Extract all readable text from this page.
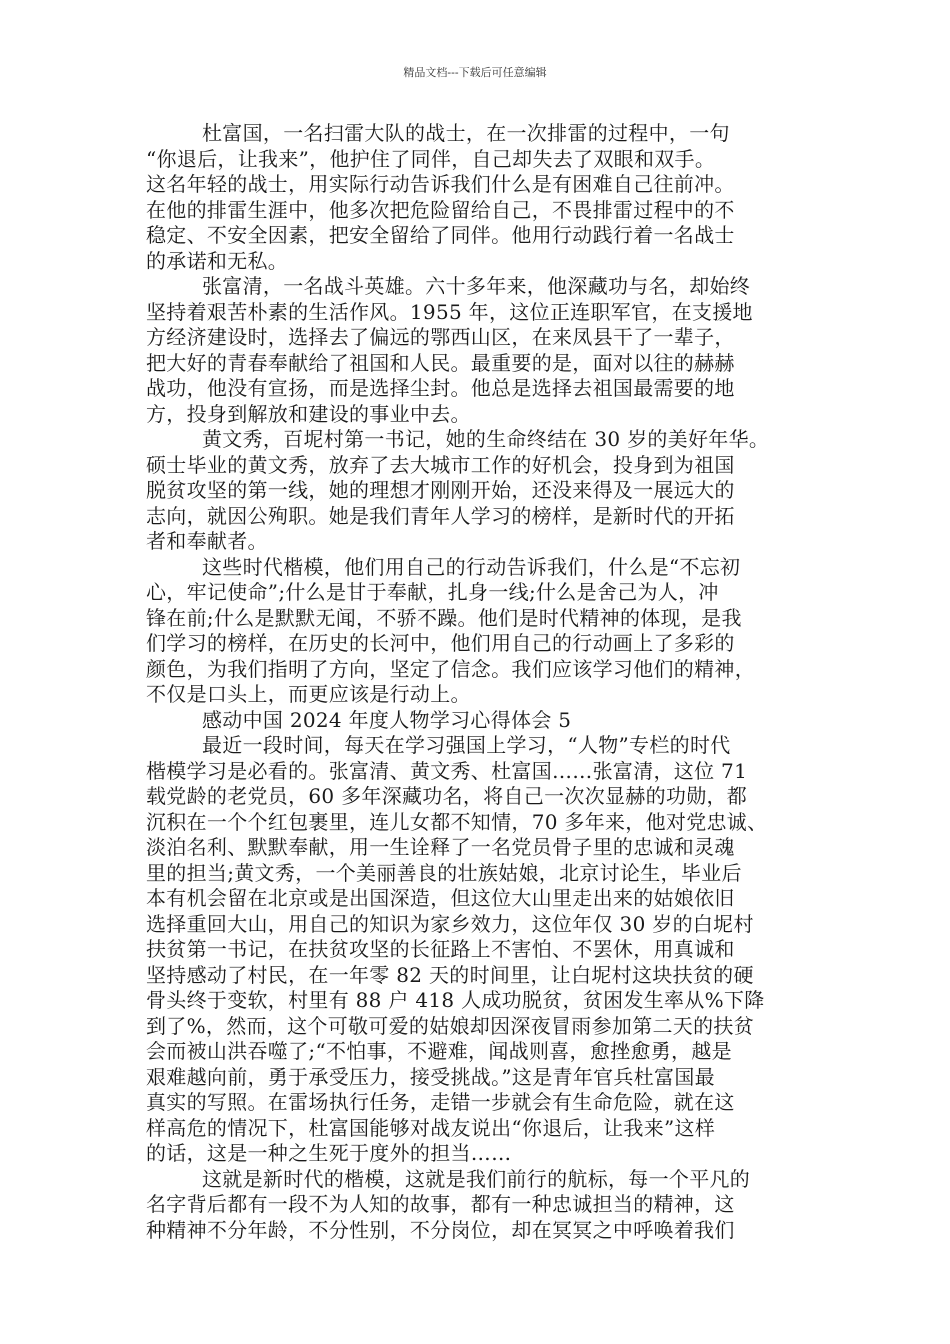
精品文档---下载后可任意编辑
杜富国，一名扫雷大队的战士，在一次排雷的过程中，一句
“你退后，让我来”，他护住了同伴，自己却失去了双眼和双手。
这名年轻的战士，用实际行动告诉我们什么是有困难自己往前冲。
在他的排雷生涯中，他多次把危险留给自己，不畏排雷过程中的不
稳定、不安全因素，把安全留给了同伴。他用行动践行着一名战士
的承诺和无私。
张富清，一名战斗英雄。六十多年来，他深藏功与名，却始终
坚持着艰苦朴素的生活作风。1955 年，这位正连职军官，在支援地
方经济建设时，选择去了偏远的鄂西山区，在来凤县干了一辈子，
把大好的青春奉献给了祖国和人民。最重要的是，面对以往的赫赫
战功，他没有宣扬，而是选择尘封。他总是选择去祖国最需要的地
方，投身到解放和建设的事业中去。
黄文秀，百坭村第一书记，她的生命终结在 30 岁的美好年华。
硕士毕业的黄文秀，放弃了去大城市工作的好机会，投身到为祖国
脱贫攻坚的第一线，她的理想才刚刚开始，还没来得及一展远大的
志向，就因公殉职。她是我们青年人学习的榜样，是新时代的开拓
者和奉献者。
这些时代楷模，他们用自己的行动告诉我们，什么是“不忘初
心，牢记使命”;什么是甘于奉献，扎身一线;什么是舍己为人，冲
锋在前;什么是默默无闻，不骄不躁。他们是时代精神的体现，是我
们学习的榜样，在历史的长河中，他们用自己的行动画上了多彩的
颜色，为我们指明了方向，坚定了信念。我们应该学习他们的精神，
不仅是口头上，而更应该是行动上。
感动中国 2024 年度人物学习心得体会 5
最近一段时间，每天在学习强国上学习，“人物”专栏的时代
楷模学习是必看的。张富清、黄文秀、杜富国……张富清，这位 71
载党龄的老党员，60 多年深藏功名，将自己一次次显赫的功勋，都
沉积在一个个红包裹里，连儿女都不知情，70 多年来，他对党忠诚、
淡泊名利、默默奉献，用一生诠释了一名党员骨子里的忠诚和灵魂
里的担当;黄文秀，一个美丽善良的壮族姑娘，北京讨论生，毕业后
本有机会留在北京或是出国深造，但这位大山里走出来的姑娘依旧
选择重回大山，用自己的知识为家乡效力，这位年仅 30 岁的白坭村
扶贫第一书记，在扶贫攻坚的长征路上不害怕、不罢休，用真诚和
坚持感动了村民，在一年零 82 天的时间里，让白坭村这块扶贫的硬
骨头终于变软，村里有 88 户 418 人成功脱贫，贫困发生率从%下降
到了%，然而，这个可敬可爱的姑娘却因深夜冒雨参加第二天的扶贫
会而被山洪吞噬了;“不怕事，不避难，闻战则喜，愈挫愈勇，越是
艰难越向前，勇于承受压力，接受挑战。”这是青年官兵杜富国最
真实的写照。在雷场执行任务，走错一步就会有生命危险，就在这
样高危的情况下，杜富国能够对战友说出“你退后，让我来”这样
的话，这是一种之生死于度外的担当……
这就是新时代的楷模，这就是我们前行的航标，每一个平凡的
名字背后都有一段不为人知的故事，都有一种忠诚担当的精神，这
种精神不分年龄，不分性别，不分岗位，却在冥冥之中呼唤着我们
